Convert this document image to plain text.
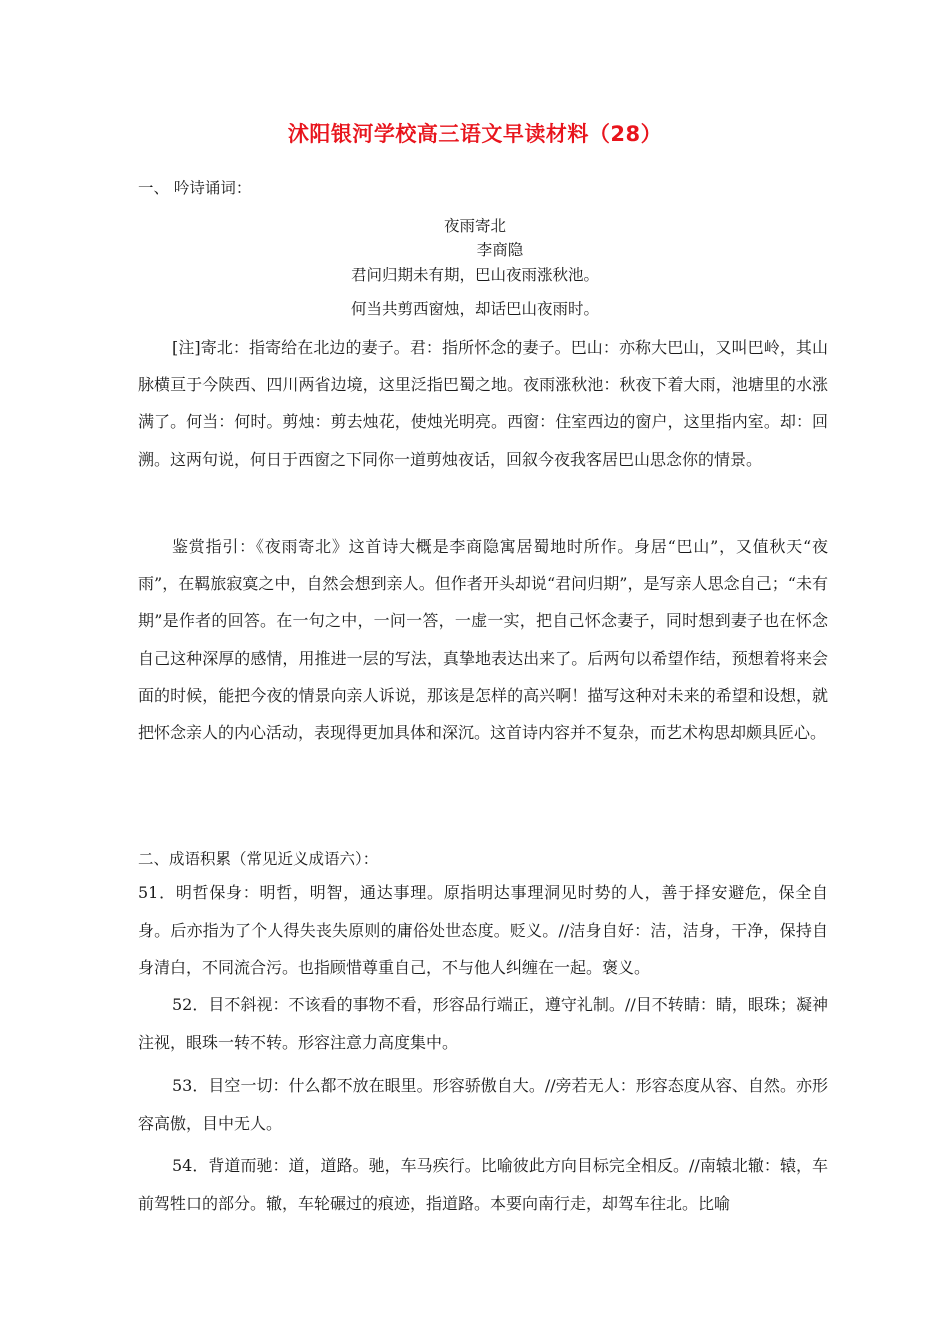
沭阳银河学校高三语文早读材料（28）
一、 吟诗诵词：
夜雨寄北
李商隐
君问归期未有期，巴山夜雨涨秋池。
何当共剪西窗烛，却话巴山夜雨时。
[注]寄北：指寄给在北边的妻子。君：指所怀念的妻子。巴山：亦称大巴山，又叫巴岭，其山脉横亘于今陕西、四川两省边境，这里泛指巴蜀之地。夜雨涨秋池：秋夜下着大雨，池塘里的水涨满了。何当：何时。剪烛：剪去烛花，使烛光明亮。西窗：住室西边的窗户，这里指内室。却：回溯。这两句说，何日于西窗之下同你一道剪烛夜话，回叙今夜我客居巴山思念你的情景。
鉴赏指引：《夜雨寄北》这首诗大概是李商隐寓居蜀地时所作。身居“巴山”，又值秋天“夜雨”，在羁旅寂寞之中，自然会想到亲人。但作者开头却说“君问归期”，是写亲人思念自己；“未有期”是作者的回答。在一句之中，一问一答，一虚一实，把自己怀念妻子，同时想到妻子也在怀念自己这种深厚的感情，用推进一层的写法，真挚地表达出来了。后两句以希望作结，预想着将来会面的时候，能把今夜的情景向亲人诉说，那该是怎样的高兴啊！描写这种对未来的希望和设想，就把怀念亲人的内心活动，表现得更加具体和深沉。这首诗内容并不复杂，而艺术构思却颇具匠心。
二、成语积累（常见近义成语六）：
51．明哲保身：明哲，明智，通达事理。原指明达事理洞见时势的人，善于择安避危，保全自身。后亦指为了个人得失丧失原则的庸俗处世态度。贬义。//洁身自好：洁，洁身，干净，保持自身清白，不同流合污。也指顾惜尊重自己，不与他人纠缠在一起。褒义。
52．目不斜视：不该看的事物不看，形容品行端正，遵守礼制。//目不转睛：睛，眼珠；凝神注视，眼珠一转不转。形容注意力高度集中。
53．目空一切：什么都不放在眼里。形容骄傲自大。//旁若无人：形容态度从容、自然。亦形容高傲，目中无人。
54．背道而驰：道，道路。驰，车马疾行。比喻彼此方向目标完全相反。//南辕北辙：辕，车前驾牲口的部分。辙，车轮碾过的痕迹，指道路。本要向南行走，却驾车往北。比喻
